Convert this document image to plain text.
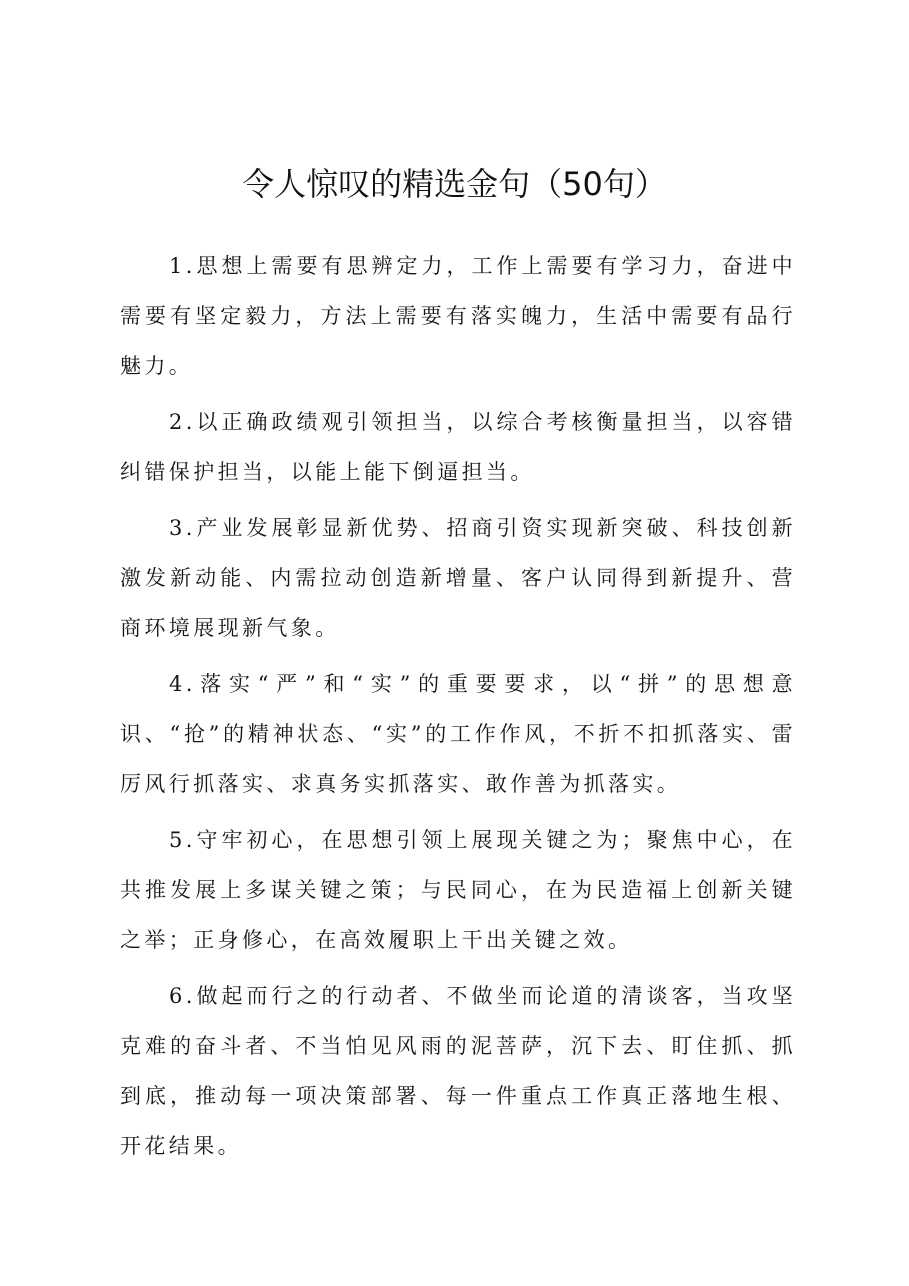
令人惊叹的精选金句（50句）

1.思想上需要有思辨定力，工作上需要有学习力，奋进中需要有坚定毅力，方法上需要有落实魄力，生活中需要有品行魅力。

2.以正确政绩观引领担当，以综合考核衡量担当，以容错纠错保护担当，以能上能下倒逼担当。

3.产业发展彰显新优势、招商引资实现新突破、科技创新激发新动能、内需拉动创造新增量、客户认同得到新提升、营商环境展现新气象。

4.落实“严”和“实”的重要要求，以“拼”的思想意识、“抢”的精神状态、“实”的工作作风，不折不扣抓落实、雷厉风行抓落实、求真务实抓落实、敢作善为抓落实。

5.守牢初心，在思想引领上展现关键之为；聚焦中心，在共推发展上多谋关键之策；与民同心，在为民造福上创新关键之举；正身修心，在高效履职上干出关键之效。

6.做起而行之的行动者、不做坐而论道的清谈客，当攻坚克难的奋斗者、不当怕见风雨的泥菩萨，沉下去、盯住抓、抓到底，推动每一项决策部署、每一件重点工作真正落地生根、开花结果。
